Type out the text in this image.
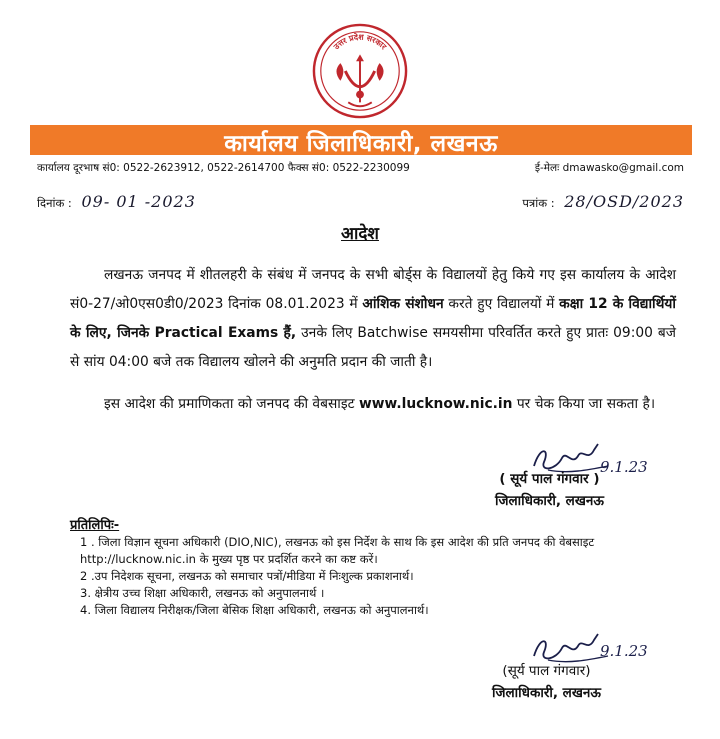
उत्तर प्रदेश सरकार
कार्यालय जिलाधिकारी, लखनऊ
कार्यालय दूरभाष सं0: 0522-2623912, 0522-2614700 फैक्स सं0: 0522-2230099	ई-मेलः dmawasko@gmail.com
दिनांक : 09- 01 -2023	पत्रांक : 28/OSD/2023
आदेश

लखनऊ जनपद में शीतलहरी के संबंध में जनपद के सभी बोर्ड्स के विद्यालयों हेतु किये गए इस कार्यालय के आदेश सं0-27/ओ0एस0डी0/2023 दिनांक 08.01.2023 में आंशिक संशोधन करते हुए विद्यालयों में कक्षा 12 के विद्यार्थियों के लिए, जिनके Practical Exams हैं, उनके लिए Batchwise समयसीमा परिवर्तित करते हुए प्रातः 09:00 बजे से सांय 04:00 बजे तक विद्यालय खोलने की अनुमति प्रदान की जाती है।

इस आदेश की प्रमाणिकता को जनपद की वेबसाइट www.lucknow.nic.in पर चेक किया जा सकता है।

9.1.23
( सूर्य पाल गंगवार )
जिलाधिकारी, लखनऊ
प्रतिलिपिः-
1 . जिला विज्ञान सूचना अधिकारी (DIO,NIC), लखनऊ को इस निर्देश के साथ कि इस आदेश की प्रति जनपद की वेबसाइट http://lucknow.nic.in के मुख्य पृष्ठ पर प्रदर्शित करने का कष्ट करें।
2 .उप निदेशक सूचना, लखनऊ को समाचार पत्रों/मीडिया में निःशुल्क प्रकाशनार्थ।
3. क्षेत्रीय उच्च शिक्षा अधिकारी, लखनऊ को अनुपालनार्थ ।
4. जिला विद्यालय निरीक्षक/जिला बेसिक शिक्षा अधिकारी, लखनऊ को अनुपालनार्थ।
9.1.23
(सूर्य पाल गंगवार)
जिलाधिकारी, लखनऊ
